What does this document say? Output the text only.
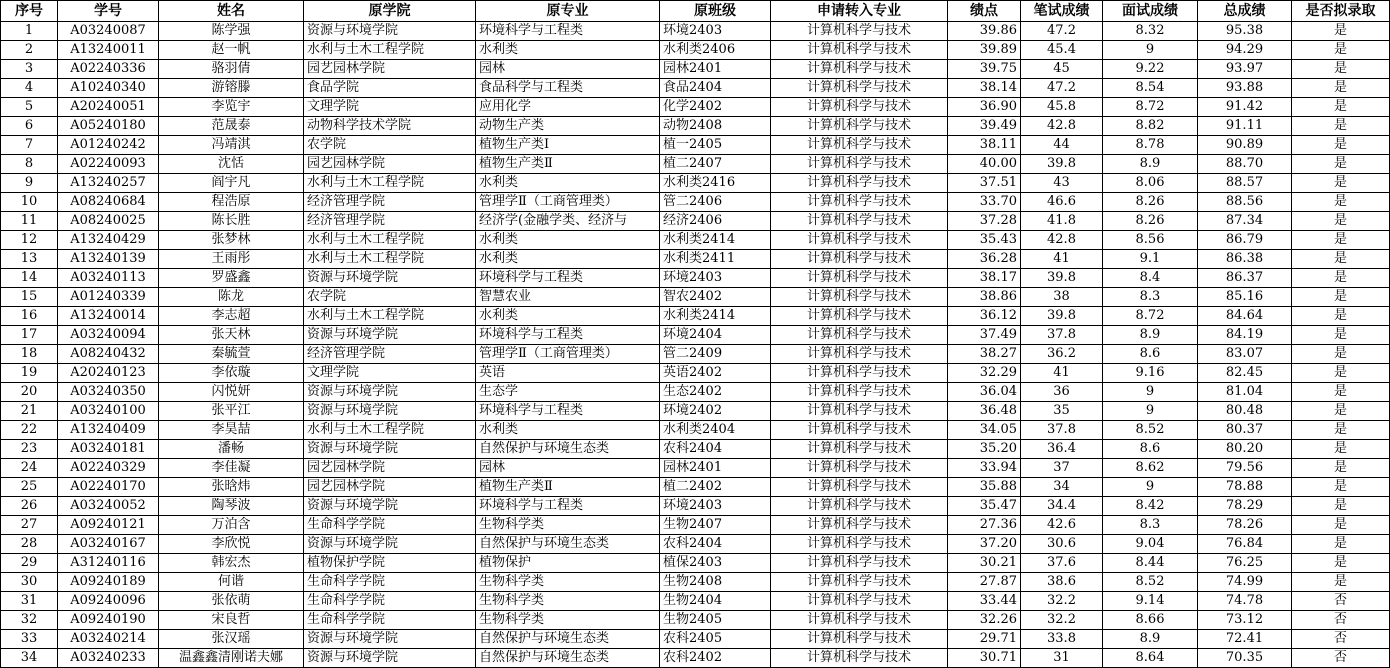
序号	学号	姓名	原学院	原专业	原班级	申请转入专业	绩点	笔试成绩	面试成绩	总成绩	是否拟录取
1	A03240087	陈学强	资源与环境学院	环境科学与工程类	环境2403	计算机科学与技术	39.86	47.2	8.32	95.38	是
2	A13240011	赵一帆	水利与土木工程学院	水利类	水利类2406	计算机科学与技术	39.89	45.4	9	94.29	是
3	A02240336	骆羽倩	园艺园林学院	园林	园林2401	计算机科学与技术	39.75	45	9.22	93.97	是
4	A10240340	游镕滕	食品学院	食品科学与工程类	食品2404	计算机科学与技术	38.14	47.2	8.54	93.88	是
5	A20240051	李览宇	文理学院	应用化学	化学2402	计算机科学与技术	36.90	45.8	8.72	91.42	是
6	A05240180	范晟泰	动物科学技术学院	动物生产类	动物2408	计算机科学与技术	39.49	42.8	8.82	91.11	是
7	A01240242	冯靖淇	农学院	植物生产类Ⅰ	植一2405	计算机科学与技术	38.11	44	8.78	90.89	是
8	A02240093	沈恬	园艺园林学院	植物生产类Ⅱ	植二2407	计算机科学与技术	40.00	39.8	8.9	88.70	是
9	A13240257	阎宇凡	水利与土木工程学院	水利类	水利类2416	计算机科学与技术	37.51	43	8.06	88.57	是
10	A08240684	程浩原	经济管理学院	管理学Ⅱ（工商管理类）	管二2406	计算机科学与技术	33.70	46.6	8.26	88.56	是
11	A08240025	陈长胜	经济管理学院	经济学(金融学类、经济与	经济2406	计算机科学与技术	37.28	41.8	8.26	87.34	是
12	A13240429	张梦林	水利与土木工程学院	水利类	水利类2414	计算机科学与技术	35.43	42.8	8.56	86.79	是
13	A13240139	王雨彤	水利与土木工程学院	水利类	水利类2411	计算机科学与技术	36.28	41	9.1	86.38	是
14	A03240113	罗盛鑫	资源与环境学院	环境科学与工程类	环境2403	计算机科学与技术	38.17	39.8	8.4	86.37	是
15	A01240339	陈龙	农学院	智慧农业	智农2402	计算机科学与技术	38.86	38	8.3	85.16	是
16	A13240014	李志超	水利与土木工程学院	水利类	水利类2414	计算机科学与技术	36.12	39.8	8.72	84.64	是
17	A03240094	张天林	资源与环境学院	环境科学与工程类	环境2404	计算机科学与技术	37.49	37.8	8.9	84.19	是
18	A08240432	秦毓萱	经济管理学院	管理学Ⅱ（工商管理类）	管二2409	计算机科学与技术	38.27	36.2	8.6	83.07	是
19	A20240123	李依璇	文理学院	英语	英语2402	计算机科学与技术	32.29	41	9.16	82.45	是
20	A03240350	闪悦妍	资源与环境学院	生态学	生态2402	计算机科学与技术	36.04	36	9	81.04	是
21	A03240100	张平江	资源与环境学院	环境科学与工程类	环境2402	计算机科学与技术	36.48	35	9	80.48	是
22	A13240409	李昊喆	水利与土木工程学院	水利类	水利类2404	计算机科学与技术	34.05	37.8	8.52	80.37	是
23	A03240181	潘畅	资源与环境学院	自然保护与环境生态类	农科2404	计算机科学与技术	35.20	36.4	8.6	80.20	是
24	A02240329	李佳凝	园艺园林学院	园林	园林2401	计算机科学与技术	33.94	37	8.62	79.56	是
25	A02240170	张晗炜	园艺园林学院	植物生产类Ⅱ	植二2402	计算机科学与技术	35.88	34	9	78.88	是
26	A03240052	陶琴波	资源与环境学院	环境科学与工程类	环境2403	计算机科学与技术	35.47	34.4	8.42	78.29	是
27	A09240121	万泊含	生命科学学院	生物科学类	生物2407	计算机科学与技术	27.36	42.6	8.3	78.26	是
28	A03240167	李欣悦	资源与环境学院	自然保护与环境生态类	农科2404	计算机科学与技术	37.20	30.6	9.04	76.84	是
29	A31240116	韩宏杰	植物保护学院	植物保护	植保2403	计算机科学与技术	30.21	37.6	8.44	76.25	是
30	A09240189	何谐	生命科学学院	生物科学类	生物2408	计算机科学与技术	27.87	38.6	8.52	74.99	是
31	A09240096	张依萌	生命科学学院	生物科学类	生物2404	计算机科学与技术	33.44	32.2	9.14	74.78	否
32	A09240190	宋良哲	生命科学学院	生物科学类	生物2405	计算机科学与技术	32.26	32.2	8.66	73.12	否
33	A03240214	张汉瑶	资源与环境学院	自然保护与环境生态类	农科2405	计算机科学与技术	29.71	33.8	8.9	72.41	否
34	A03240233	温鑫鑫清刚诺夫娜	资源与环境学院	自然保护与环境生态类	农科2402	计算机科学与技术	30.71	31	8.64	70.35	否
